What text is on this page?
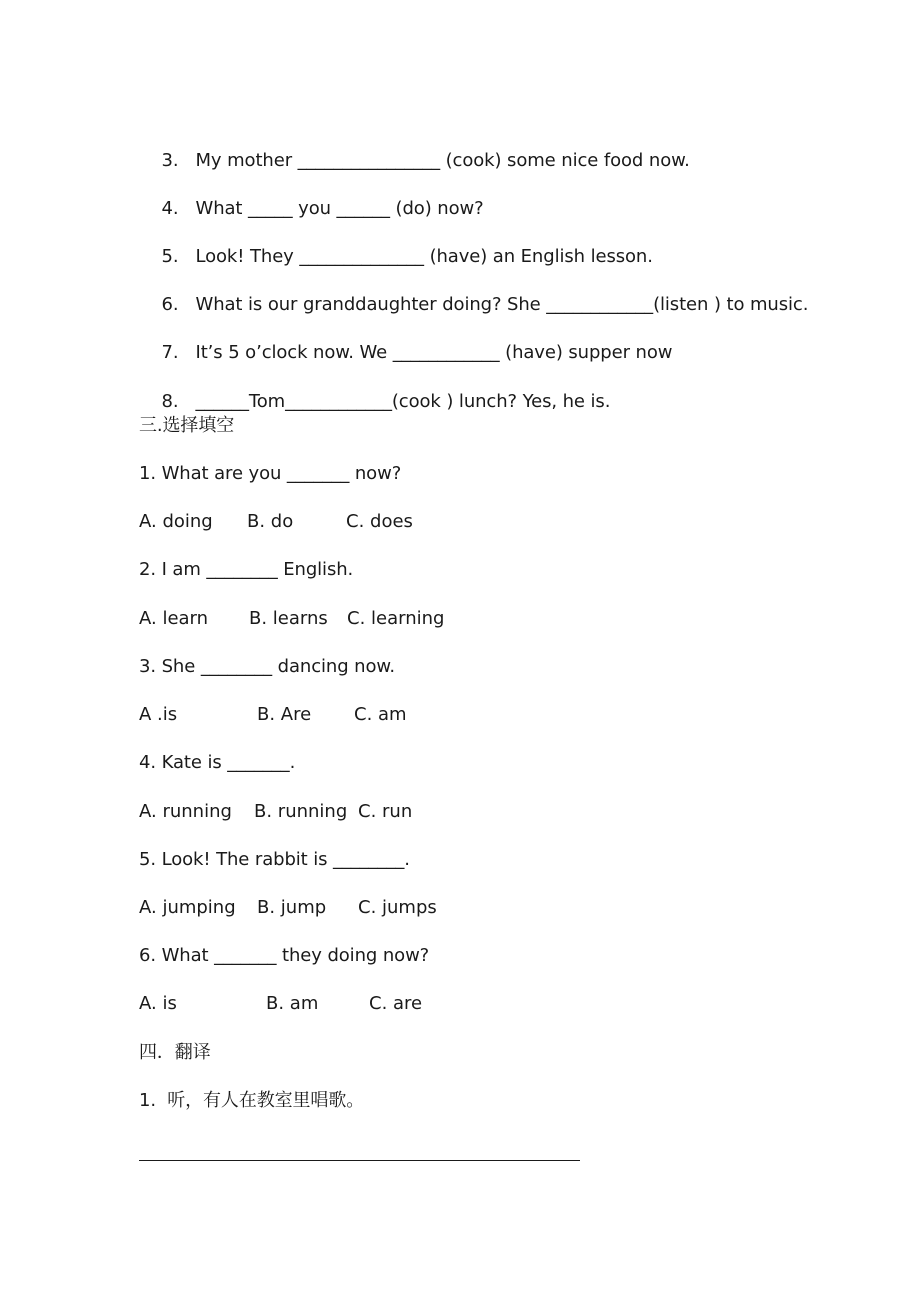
3. My mother ________________ (cook) some nice food now.

4. What _____ you ______ (do) now?

5. Look! They ______________ (have) an English lesson.

6. What is our granddaughter doing? She ____________(listen ) to music.

7. It’s 5 o’clock now. We ____________ (have) supper now

8. ______Tom____________(cook ) lunch? Yes, he is.

三.选择填空
1. What are you _______ now?
A. doing B. do	C. does
2. I am ________ English.
A. learn B. learns C. learning
3. She ________ dancing now.
A .is	B. Are C. am
4. Kate is _______.
A. running B. running C. run
5. Look! The rabbit is ________.
A. jumping B. jump C. jumps
6. What _______ they doing now?
A. is	B. am	C. are
四．翻译
1.  听，有人在教室里唱歌。
